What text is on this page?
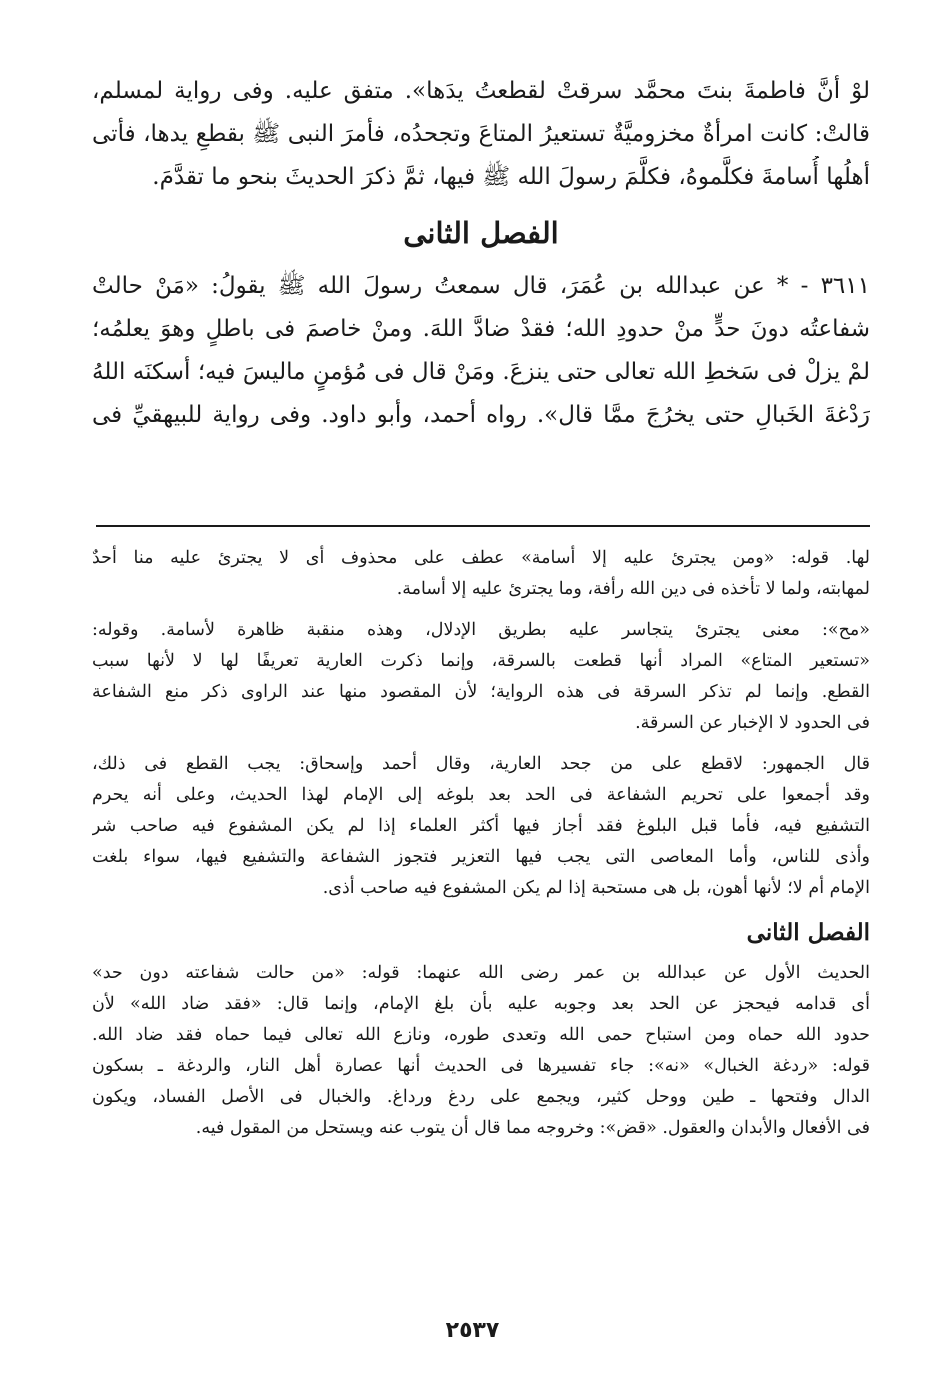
لوْ أنَّ فاطمةَ بنتَ محمَّد سرقتْ لقطعتُ يدَها». متفق عليه. وفى رواية لمسلم،
قالتْ: كانت امرأةٌ مخزوميَّةٌ تستعيرُ المتاعَ وتجحدُه، فأمرَ النبى ﷺ بقطعِ يدها، فأتى
أهلُها أُسامةَ فكلَّموهُ، فكلَّمَ رسولَ الله ﷺ فيها، ثمَّ ذكرَ الحديثَ بنحو ما تقدَّمَ.
الفصل الثانى
٣٦١١ - * عن عبدالله بن عُمَرَ، قال سمعتُ رسولَ الله ﷺ يقولُ: «مَنْ حالتْ
شفاعتُه دونَ حدٍّ منْ حدودِ الله؛ فقدْ ضادَّ اللهَ. ومنْ خاصمَ فى باطلٍ وهوَ يعلمُه؛
لمْ يزلْ فى سَخطِ الله تعالى حتى ينزعَ. ومَنْ قال فى مُؤمنٍ ماليسَ فيه؛ أسكنَه اللهُ
رَدْغةَ الخَبالِ حتى يخرُجَ ممَّا قال». رواه أحمد، وأبو داود. وفى رواية للبيهقيِّ فى
لها. قوله: «ومن يجترئ عليه إلا أسامة» عطف على محذوف أى لا يجترئ عليه منا أحدٌ
لمهابته، ولما لا تأخذه فى دين الله رأفة، وما يجترئ عليه إلا أسامة.
«مح»: معنى يجترئ يتجاسر عليه بطريق الإدلال، وهذه منقبة ظاهرة لأسامة. وقوله:
«تستعير المتاع» المراد أنها قطعت بالسرقة، وإنما ذكرت العارية تعريفًا لها لا لأنها سبب
القطع. وإنما لم تذكر السرقة فى هذه الرواية؛ لأن المقصود منها عند الراوى ذكر منع الشفاعة
فى الحدود لا الإخبار عن السرقة.
قال الجمهور: لاقطع على من جحد العارية، وقال أحمد وإسحاق: يجب القطع فى ذلك،
وقد أجمعوا على تحريم الشفاعة فى الحد بعد بلوغه إلى الإمام لهذا الحديث، وعلى أنه يحرم
التشفيع فيه، فأما قبل البلوغ فقد أجاز فيها أكثر العلماء إذا لم يكن المشفوع فيه صاحب شر
وأذى للناس، وأما المعاصى التى يجب فيها التعزير فتجوز الشفاعة والتشفيع فيها، سواء بلغت
الإمام أم لا؛ لأنها أهون، بل هى مستحبة إذا لم يكن المشفوع فيه صاحب أذى.
الفصل الثانى
الحديث الأول عن عبدالله بن عمر رضى الله عنهما: قوله: «من حالت شفاعته دون حد»
أى قدامه فيحجز عن الحد بعد وجوبه عليه بأن بلغ الإمام، وإنما قال: «فقد ضاد الله» لأن
حدود الله حماه ومن استباح حمى الله وتعدى طوره، ونازع الله تعالى فيما حماه فقد ضاد الله.
قوله: «ردغة الخبال» «نه»: جاء تفسيرها فى الحديث أنها عصارة أهل النار، والردغة ـ بسكون
الدال وفتحها ـ طين ووحل كثير، ويجمع على ردغ ورداغ. والخبال فى الأصل الفساد، ويكون
فى الأفعال والأبدان والعقول. «قض»: وخروجه مما قال أن يتوب عنه ويستحل من المقول فيه.
٢٥٣٧
